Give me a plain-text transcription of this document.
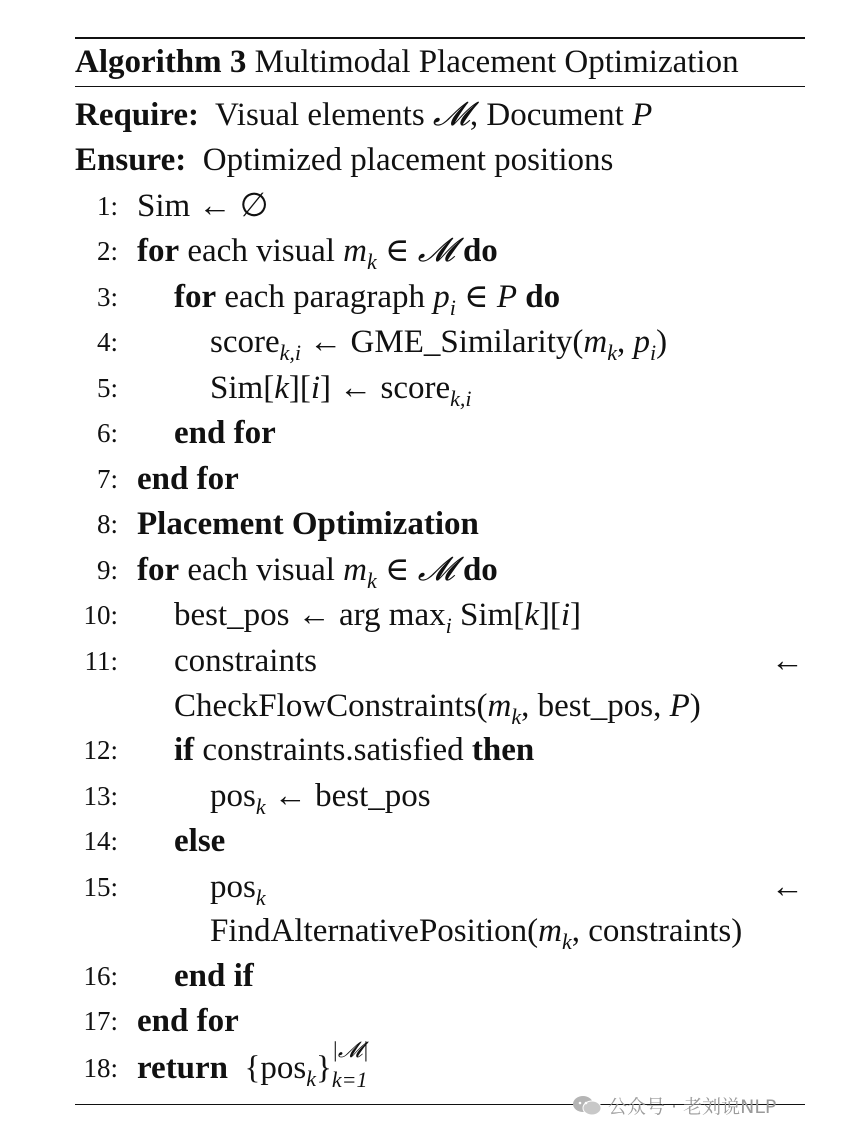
Algorithm 3 Multimodal Placement Optimization
Require: Visual elements 𝓜, Document P
Ensure: Optimized placement positions
1: Sim ← ∅
2: for each visual $m_k$ ∈ 𝓜 do
3: for each paragraph $p_i$ ∈ P do
4:	score$_{k,i}$ ← $GME\_Similarity(m_k$, $p_i$)
5:	Sim[k][i] ← score$_{k,i}$
6: end for
7: end for
8: Placement Optimization
9: for each visual $m_k$ ∈ 𝓜 do
10: best_pos ← arg $\max_i Sim[k][i]$
11: constraints	←
$CheckFlowConstraints(m_k$, best_pos, P)
12: if constraints.satisfied then
13:	pos$_k$ ← best_pos
14: else
15:	pos$_k$	←
$FindAlternativePosition(m_k$, constraints)
16: end if
17: end for
18: return  {pos$_k$}
|𝓜|
k=1
公众号 · 老刘说NLP
